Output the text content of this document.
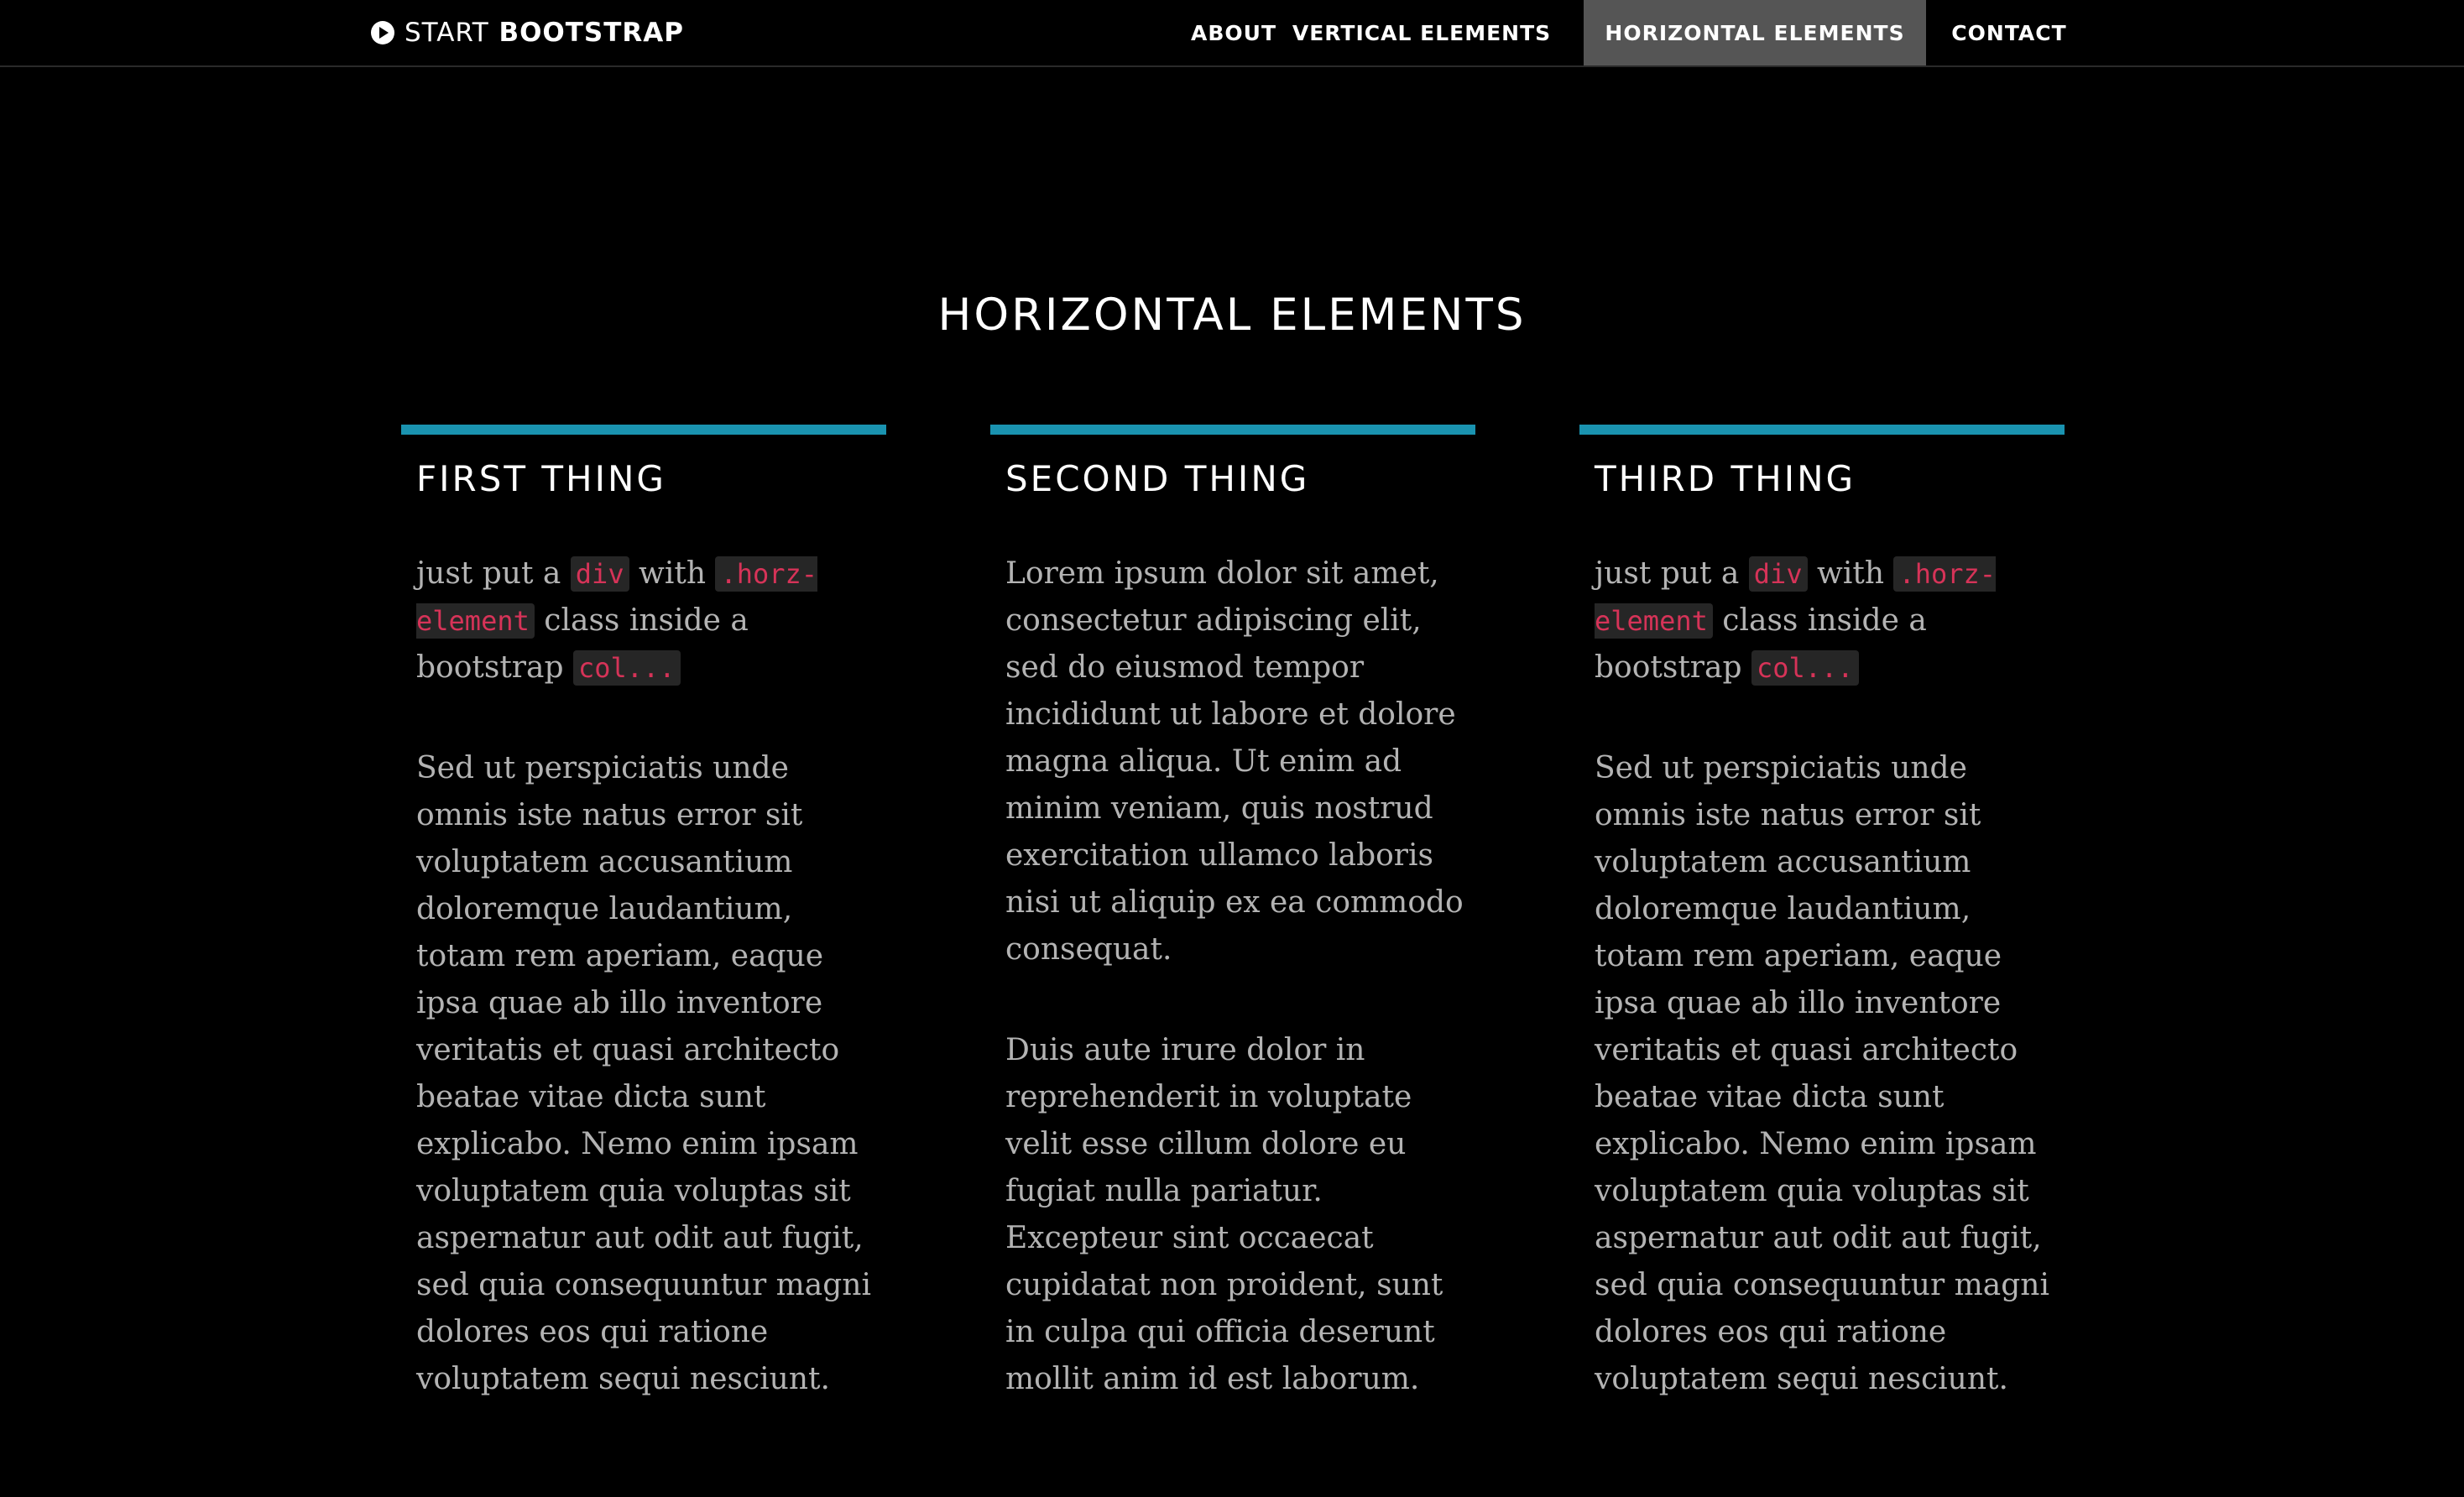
START BOOTSTRAP	ABOUT VERTICAL ELEMENTS	HORIZONTAL ELEMENTS	CONTACT
HORIZONTAL ELEMENTS
FIRST THING

just put a div with .horz-element class inside a bootstrap col...

Sed ut perspiciatis unde omnis iste natus error sit voluptatem accusantium doloremque laudantium, totam rem aperiam, eaque ipsa quae ab illo inventore veritatis et quasi architecto beatae vitae dicta sunt explicabo. Nemo enim ipsam voluptatem quia voluptas sit aspernatur aut odit aut fugit, sed quia consequuntur magni dolores eos qui ratione voluptatem sequi nesciunt.

SECOND THING

Lorem ipsum dolor sit amet, consectetur adipiscing elit, sed do eiusmod tempor incididunt ut labore et dolore magna aliqua. Ut enim ad minim veniam, quis nostrud exercitation ullamco laboris nisi ut aliquip ex ea commodo consequat.

Duis aute irure dolor in reprehenderit in voluptate velit esse cillum dolore eu fugiat nulla pariatur. Excepteur sint occaecat cupidatat non proident, sunt in culpa qui officia deserunt mollit anim id est laborum.

THIRD THING

just put a div with .horz-element class inside a bootstrap col...

Sed ut perspiciatis unde omnis iste natus error sit voluptatem accusantium doloremque laudantium, totam rem aperiam, eaque ipsa quae ab illo inventore veritatis et quasi architecto beatae vitae dicta sunt explicabo. Nemo enim ipsam voluptatem quia voluptas sit aspernatur aut odit aut fugit, sed quia consequuntur magni dolores eos qui ratione voluptatem sequi nesciunt.
